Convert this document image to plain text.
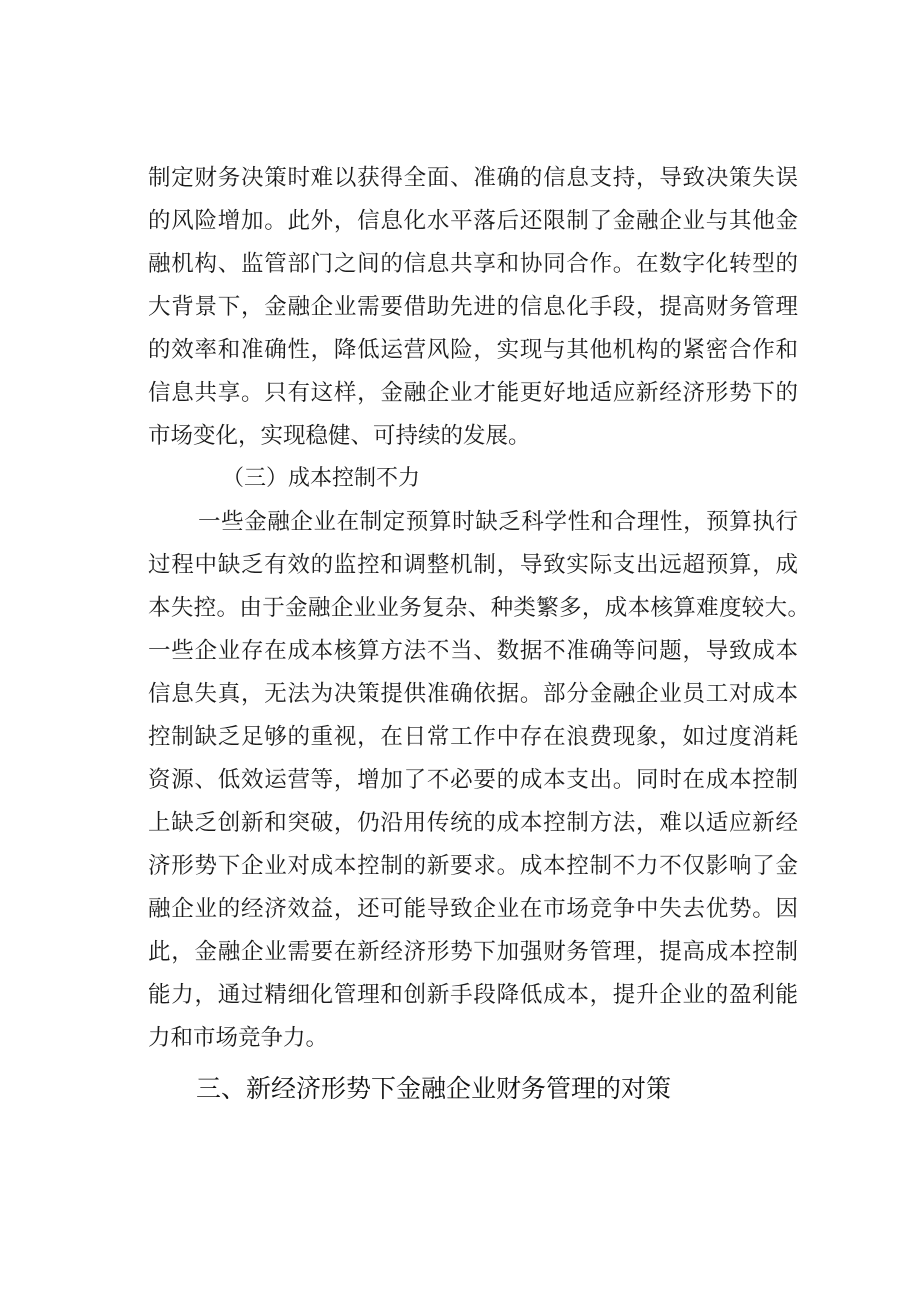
制定财务决策时难以获得全面、准确的信息支持，导致决策失误
的风险增加。此外，信息化水平落后还限制了金融企业与其他金
融机构、监管部门之间的信息共享和协同合作。在数字化转型的
大背景下，金融企业需要借助先进的信息化手段，提高财务管理
的效率和准确性，降低运营风险，实现与其他机构的紧密合作和
信息共享。只有这样，金融企业才能更好地适应新经济形势下的
市场变化，实现稳健、可持续的发展。
（三）成本控制不力
一些金融企业在制定预算时缺乏科学性和合理性，预算执行
过程中缺乏有效的监控和调整机制，导致实际支出远超预算，成
本失控。由于金融企业业务复杂、种类繁多，成本核算难度较大。
一些企业存在成本核算方法不当、数据不准确等问题，导致成本
信息失真，无法为决策提供准确依据。部分金融企业员工对成本
控制缺乏足够的重视，在日常工作中存在浪费现象，如过度消耗
资源、低效运营等，增加了不必要的成本支出。同时在成本控制
上缺乏创新和突破，仍沿用传统的成本控制方法，难以适应新经
济形势下企业对成本控制的新要求。成本控制不力不仅影响了金
融企业的经济效益，还可能导致企业在市场竞争中失去优势。因
此，金融企业需要在新经济形势下加强财务管理，提高成本控制
能力，通过精细化管理和创新手段降低成本，提升企业的盈利能
力和市场竞争力。
三、新经济形势下金融企业财务管理的对策
